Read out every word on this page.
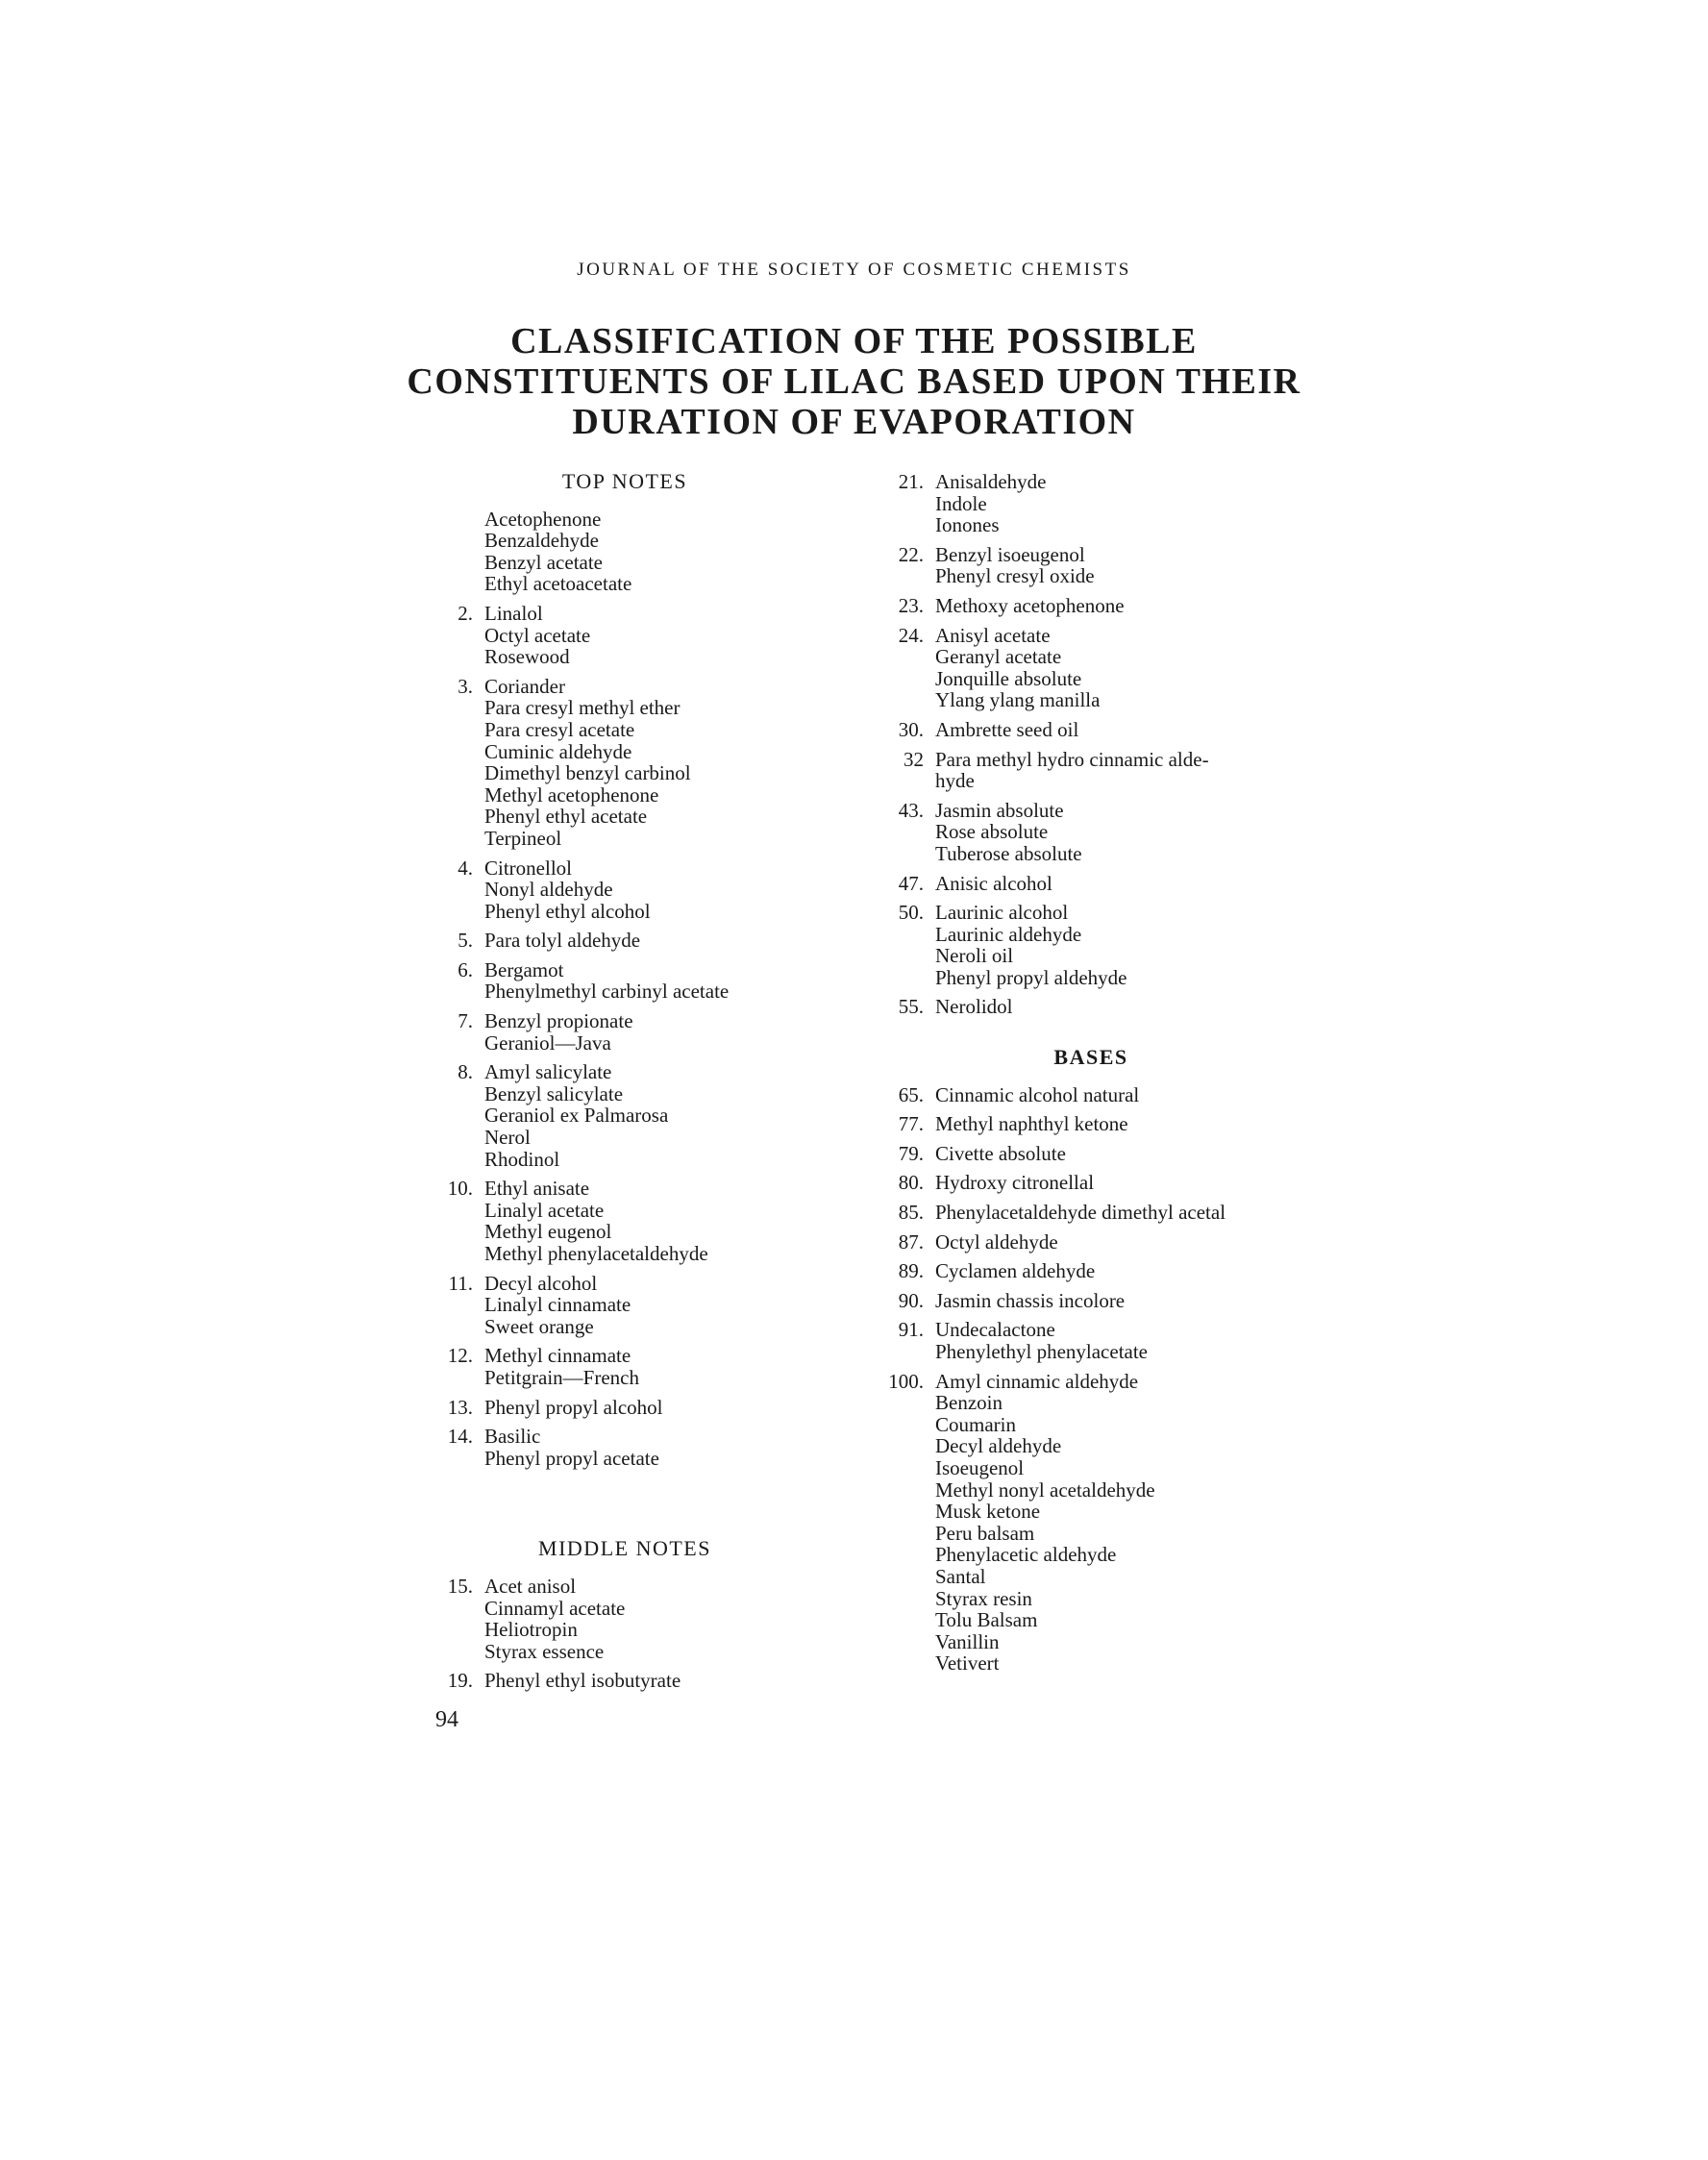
JOURNAL OF THE SOCIETY OF COSMETIC CHEMISTS
CLASSIFICATION OF THE POSSIBLE
CONSTITUENTS OF LILAC BASED UPON THEIR
DURATION OF EVAPORATION
TOP NOTES
Acetophenone
Benzaldehyde
Benzyl acetate
Ethyl acetoacetate
2. Linalol
Octyl acetate
Rosewood
3. Coriander
Para cresyl methyl ether
Para cresyl acetate
Cuminic aldehyde
Dimethyl benzyl carbinol
Methyl acetophenone
Phenyl ethyl acetate
Terpineol
4. Citronellol
Nonyl aldehyde
Phenyl ethyl alcohol
5. Para tolyl aldehyde
6. Bergamot
Phenylmethyl carbinyl acetate
7. Benzyl propionate
Geraniol—Java
8. Amyl salicylate
Benzyl salicylate
Geraniol ex Palmarosa
Nerol
Rhodinol
10. Ethyl anisate
Linalyl acetate
Methyl eugenol
Methyl phenylacetaldehyde
11. Decyl alcohol
Linalyl cinnamate
Sweet orange
12. Methyl cinnamate
Petitgrain—French
13. Phenyl propyl alcohol
14. Basilic
Phenyl propyl acetate
MIDDLE NOTES
15. Acet anisol
Cinnamyl acetate
Heliotropin
Styrax essence
19. Phenyl ethyl isobutyrate
21. Anisaldehyde
Indole
Ionones
22. Benzyl isoeugenol
Phenyl cresyl oxide
23. Methoxy acetophenone
24. Anisyl acetate
Geranyl acetate
Jonquille absolute
Ylang ylang manilla
30. Ambrette seed oil
32 Para methyl hydro cinnamic alde-
hyde
43. Jasmin absolute
Rose absolute
Tuberose absolute
47. Anisic alcohol
50. Laurinic alcohol
Laurinic aldehyde
Neroli oil
Phenyl propyl aldehyde
55. Nerolidol
BASES
65. Cinnamic alcohol natural
77. Methyl naphthyl ketone
79. Civette absolute
80. Hydroxy citronellal
85. Phenylacetaldehyde dimethyl acetal
87. Octyl aldehyde
89. Cyclamen aldehyde
90. Jasmin chassis incolore
91. Undecalactone
Phenylethyl phenylacetate
100. Amyl cinnamic aldehyde
Benzoin
Coumarin
Decyl aldehyde
Isoeugenol
Methyl nonyl acetaldehyde
Musk ketone
Peru balsam
Phenylacetic aldehyde
Santal
Styrax resin
Tolu Balsam
Vanillin
Vetivert
94
